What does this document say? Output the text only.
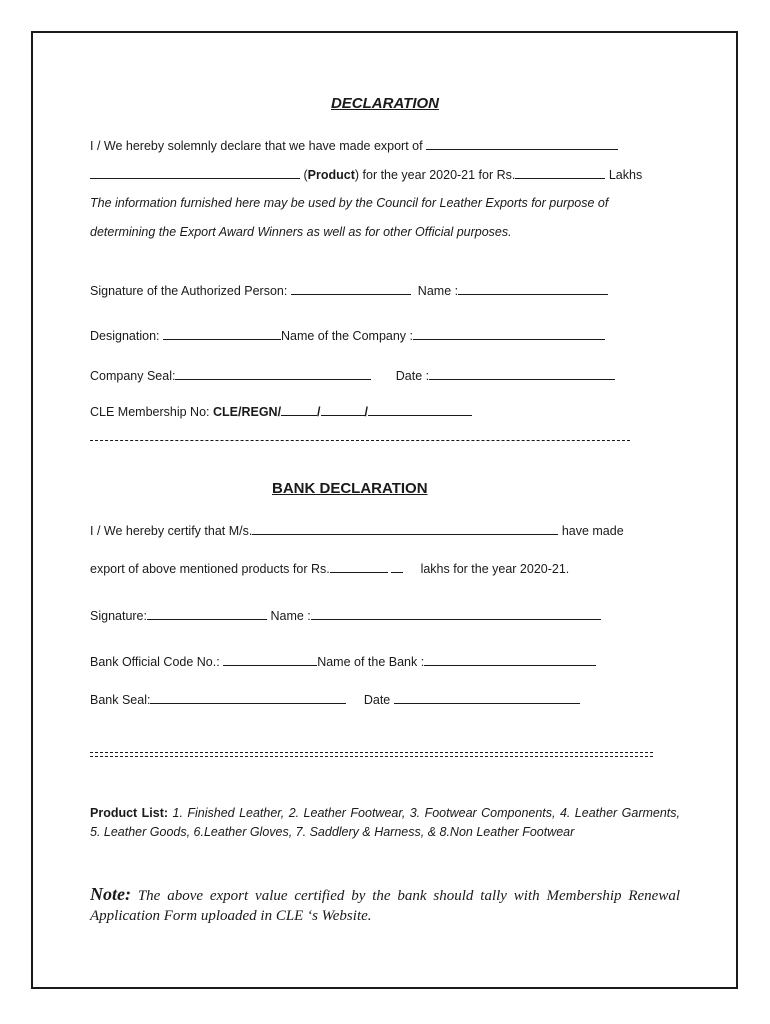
DECLARATION
I / We hereby solemnly declare that we have made export of
(Product) for the year 2020-21 for Rs.	Lakhs
The information furnished here may be used by the Council for Leather Exports for purpose of
determining the Export Award Winners as well as for other Official purposes.
Signature of the Authorized Person:	Name :
Designation:	Name of the Company :
Company Seal:	Date :
CLE Membership No: CLE/REGN/	/	/
BANK DECLARATION
I / We hereby certify that M/s.	have made
export of above mentioned products for Rs.	lakhs for the year 2020-21.
Signature:	Name :
Bank Official Code No.:	Name of the Bank :
Bank Seal:	Date
Product List: 1. Finished Leather, 2. Leather Footwear, 3. Footwear Components, 4. Leather Garments, 5. Leather Goods, 6.Leather Gloves, 7. Saddlery & Harness, & 8.Non Leather Footwear
Note: The above export value certified by the bank should tally with Membership Renewal Application Form uploaded in CLE ‘s Website.
